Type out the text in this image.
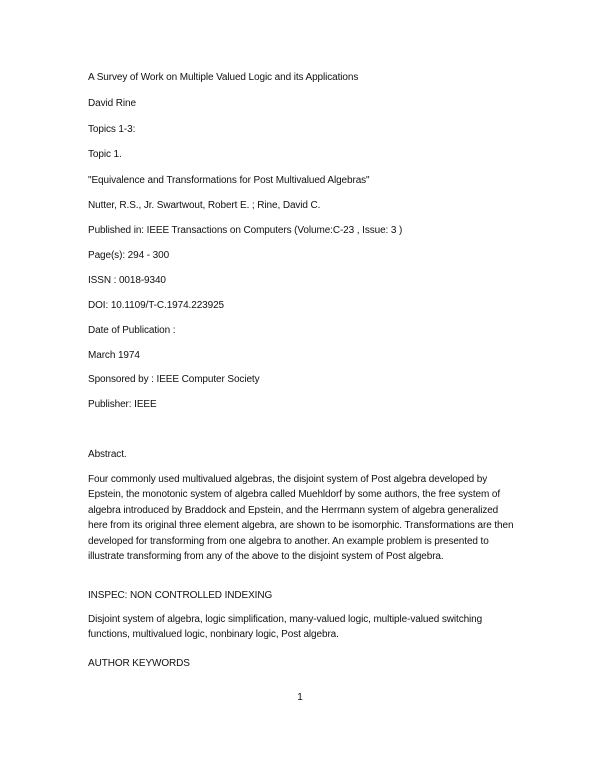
A Survey of Work on Multiple Valued Logic and its Applications
David Rine
Topics 1-3:
Topic 1.
"Equivalence and Transformations for Post Multivalued Algebras"
Nutter, R.S., Jr. Swartwout, Robert E. ; Rine, David C.
Published in: IEEE Transactions on Computers (Volume:C-23 , Issue: 3 )
Page(s): 294 - 300
ISSN : 0018-9340
DOI: 10.1109/T-C.1974.223925
Date of Publication :
March 1974
Sponsored by : IEEE Computer Society
Publisher: IEEE
Abstract.

Four commonly used multivalued algebras, the disjoint system of Post algebra developed by Epstein, the monotonic system of algebra called Muehldorf by some authors, the free system of algebra introduced by Braddock and Epstein, and the Herrmann system of algebra generalized here from its original three element algebra, are shown to be isomorphic. Transformations are then developed for transforming from one algebra to another. An example problem is presented to illustrate transforming from any of the above to the disjoint system of Post algebra.

INSPEC: NON CONTROLLED INDEXING

Disjoint system of algebra, logic simplification, many-valued logic, multiple-valued switching functions, multivalued logic, nonbinary logic, Post algebra.

AUTHOR KEYWORDS
1
